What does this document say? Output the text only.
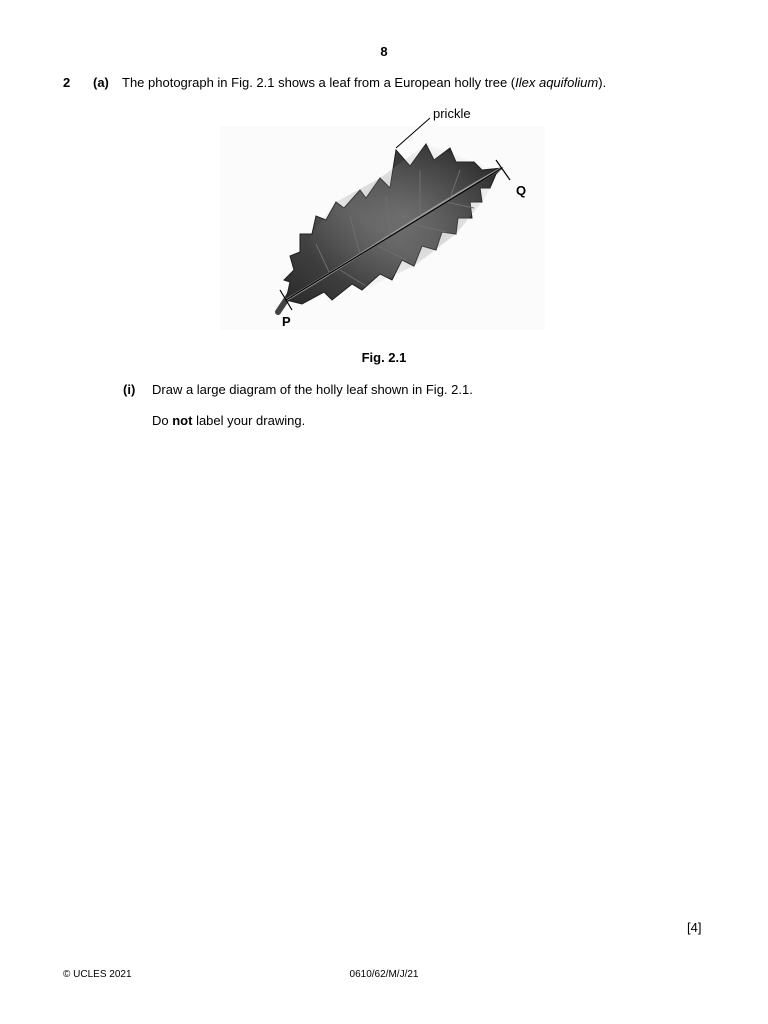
8
2 (a) The photograph in Fig. 2.1 shows a leaf from a European holly tree (Ilex aquifolium).
prickle
P
Q
Fig. 2.1
(i) Draw a large diagram of the holly leaf shown in Fig. 2.1.
Do not label your drawing.
[4]
© UCLES 2021	0610/62/M/J/21
